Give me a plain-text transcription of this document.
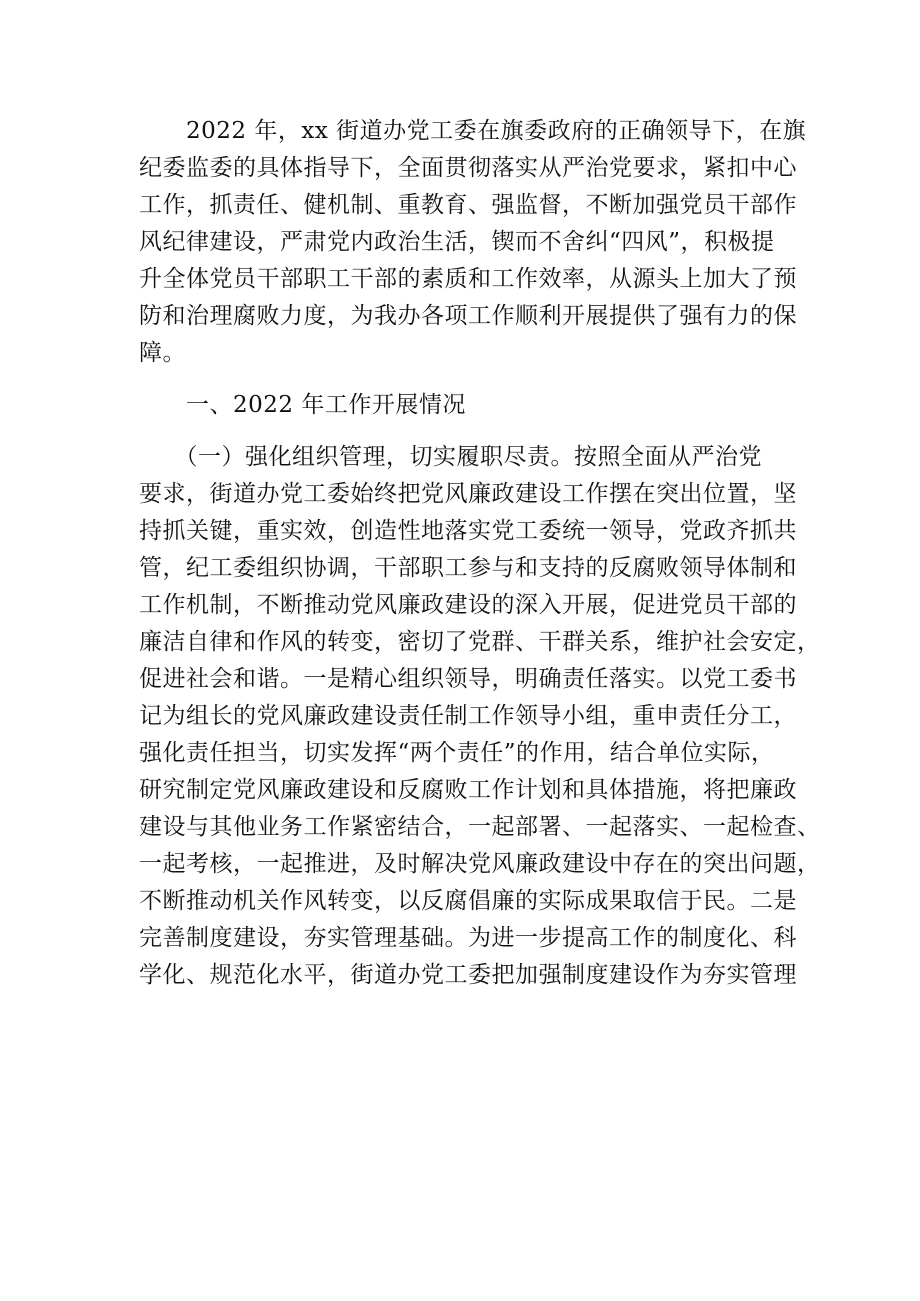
　　2022 年，xx 街道办党工委在旗委政府的正确领导下，在旗
纪委监委的具体指导下，全面贯彻落实从严治党要求，紧扣中心
工作，抓责任、健机制、重教育、强监督，不断加强党员干部作
风纪律建设，严肃党内政治生活，锲而不舍纠“四风”，积极提
升全体党员干部职工干部的素质和工作效率，从源头上加大了预
防和治理腐败力度，为我办各项工作顺利开展提供了强有力的保
障。
　　一、2022 年工作开展情况
　　（一）强化组织管理，切实履职尽责。按照全面从严治党
要求，街道办党工委始终把党风廉政建设工作摆在突出位置，坚
持抓关键，重实效，创造性地落实党工委统一领导，党政齐抓共
管，纪工委组织协调，干部职工参与和支持的反腐败领导体制和
工作机制，不断推动党风廉政建设的深入开展，促进党员干部的
廉洁自律和作风的转变，密切了党群、干群关系，维护社会安定，
促进社会和谐。一是精心组织领导，明确责任落实。以党工委书
记为组长的党风廉政建设责任制工作领导小组，重申责任分工，
强化责任担当，切实发挥“两个责任”的作用，结合单位实际，
研究制定党风廉政建设和反腐败工作计划和具体措施，将把廉政
建设与其他业务工作紧密结合，一起部署、一起落实、一起检查、
一起考核，一起推进，及时解决党风廉政建设中存在的突出问题，
不断推动机关作风转变，以反腐倡廉的实际成果取信于民。二是
完善制度建设，夯实管理基础。为进一步提高工作的制度化、科
学化、规范化水平，街道办党工委把加强制度建设作为夯实管理
